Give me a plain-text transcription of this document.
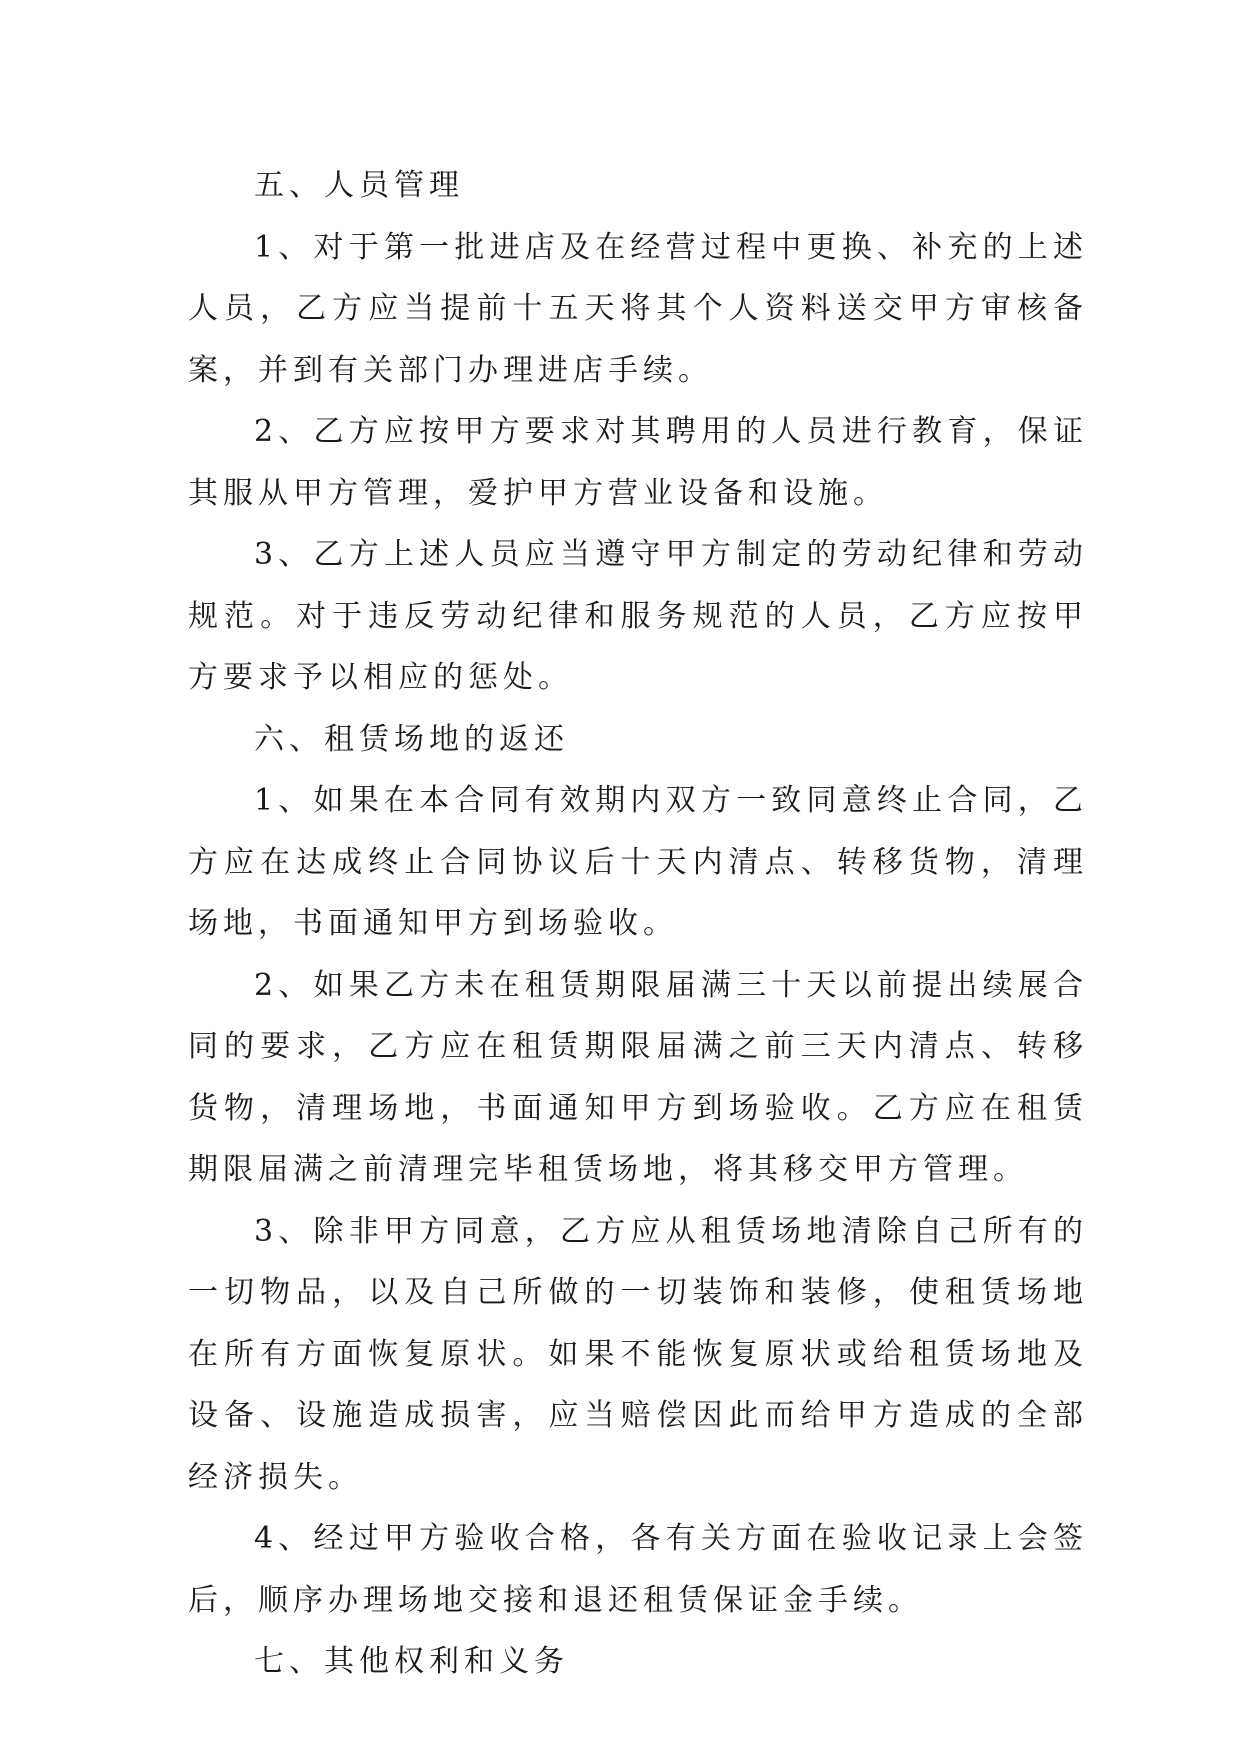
五、人员管理

1、对于第一批进店及在经营过程中更换、补充的上述人员，乙方应当提前十五天将其个人资料送交甲方审核备案，并到有关部门办理进店手续。

2、乙方应按甲方要求对其聘用的人员进行教育，保证其服从甲方管理，爱护甲方营业设备和设施。

3、乙方上述人员应当遵守甲方制定的劳动纪律和劳动规范。对于违反劳动纪律和服务规范的人员，乙方应按甲方要求予以相应的惩处。

六、租赁场地的返还

1、如果在本合同有效期内双方一致同意终止合同，乙方应在达成终止合同协议后十天内清点、转移货物，清理场地，书面通知甲方到场验收。

2、如果乙方未在租赁期限届满三十天以前提出续展合同的要求，乙方应在租赁期限届满之前三天内清点、转移货物，清理场地，书面通知甲方到场验收。乙方应在租赁期限届满之前清理完毕租赁场地，将其移交甲方管理。

3、除非甲方同意，乙方应从租赁场地清除自己所有的一切物品，以及自己所做的一切装饰和装修，使租赁场地在所有方面恢复原状。如果不能恢复原状或给租赁场地及设备、设施造成损害，应当赔偿因此而给甲方造成的全部经济损失。

4、经过甲方验收合格，各有关方面在验收记录上会签后，顺序办理场地交接和退还租赁保证金手续。

七、其他权利和义务
